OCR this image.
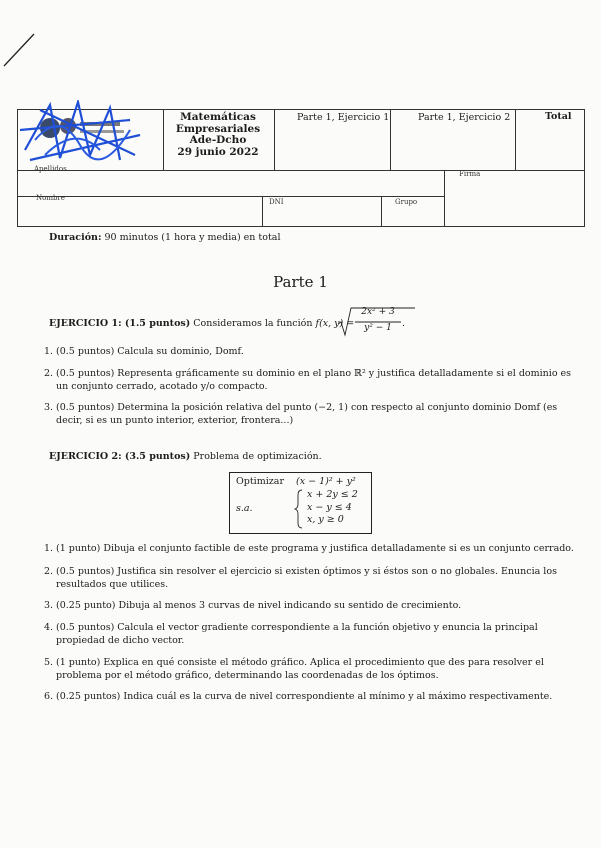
Matemáticas
Empresariales
Ade-Dcho
29 junio 2022
Parte 1, Ejercicio 1	Parte 1, Ejercicio 2	Total
Apellidos
Nombre	DNI	Grupo
Firma
Duración: 90 minutos (1 hora y media) en total
Parte 1
EJERCICIO 1: (1.5 puntos) Consideramos la función f(x, y) =
2x² + 3
y² − 1	.
1. (0.5 puntos) Calcula su dominio, Domf.
2. (0.5 puntos) Representa gráficamente su dominio en el plano ℝ² y justifica detalladamente si el dominio es un conjunto cerrado, acotado y/o compacto.
3. (0.5 puntos) Determina la posición relativa del punto (−2, 1) con respecto al conjunto dominio Domf (es decir, si es un punto interior, exterior, frontera...)
EJERCICIO 2: (3.5 puntos) Problema de optimización.
Optimizar (x − 1)² + y²
s.a.
x + 2y ≤ 2
x − y ≤ 4
x, y ≥ 0
1. (1 punto) Dibuja el conjunto factible de este programa y justifica detalladamente si es un conjunto cerrado.
2. (0.5 puntos) Justifica sin resolver el ejercicio si existen óptimos y si éstos son o no globales. Enuncia los resultados que utilices.
3. (0.25 punto) Dibuja al menos 3 curvas de nivel indicando su sentido de crecimiento.
4. (0.5 puntos) Calcula el vector gradiente correspondiente a la función objetivo y enuncia la principal propiedad de dicho vector.
5. (1 punto) Explica en qué consiste el método gráfico. Aplica el procedimiento que des para resolver el problema por el método gráfico, determinando las coordenadas de los óptimos.
6. (0.25 puntos) Indica cuál es la curva de nivel correspondiente al mínimo y al máximo respectivamente.
